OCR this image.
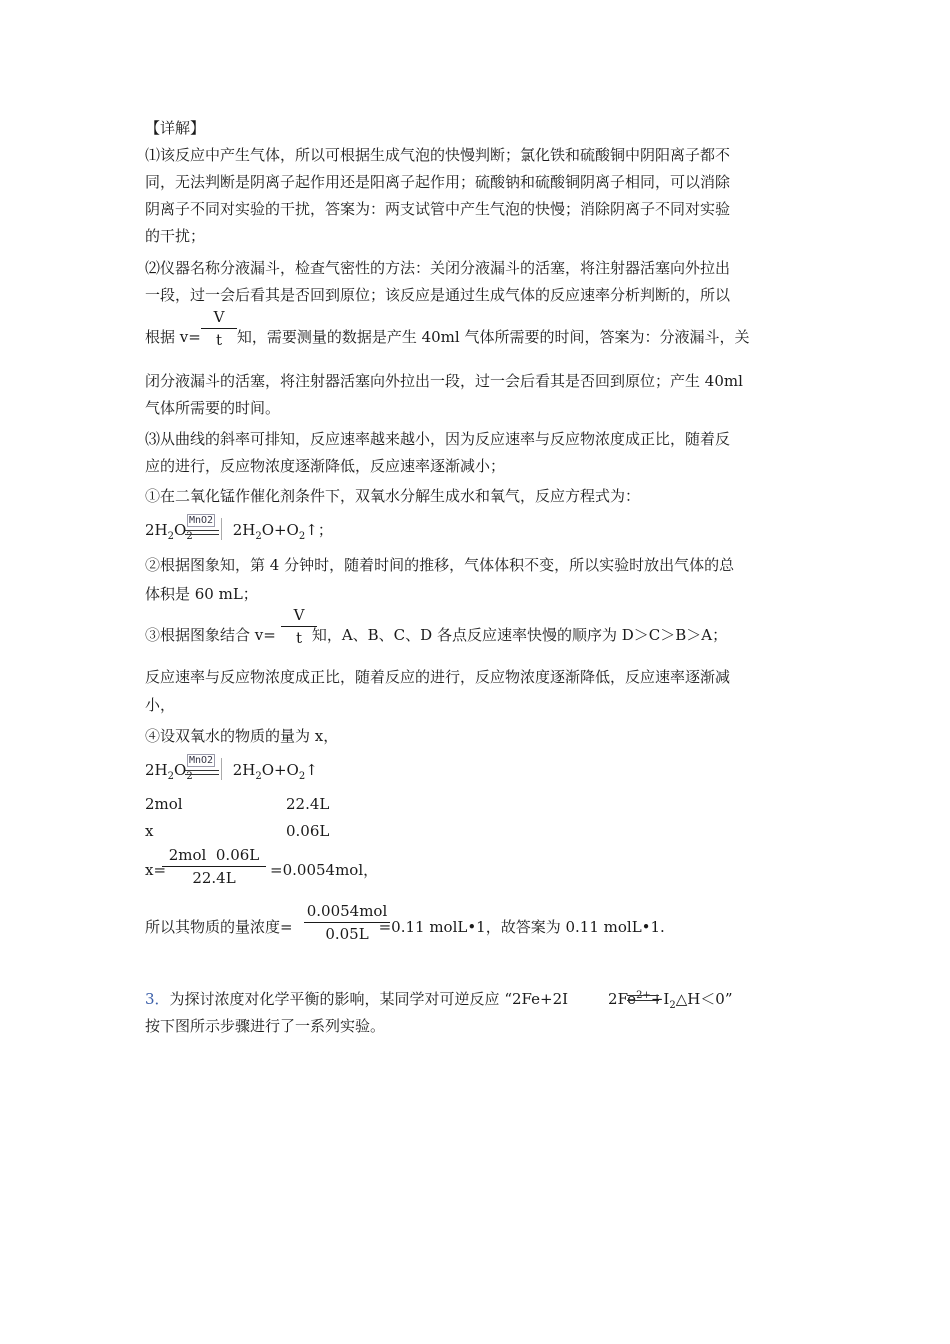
【详解】
⑴该反应中产生气体，所以可根据生成气泡的快慢判断；氯化铁和硫酸铜中阴阳离子都不
同，无法判断是阴离子起作用还是阳离子起作用；硫酸钠和硫酸铜阴离子相同，可以消除
阴离子不同对实验的干扰，答案为：两支试管中产生气泡的快慢；消除阴离子不同对实验
的干扰；
⑵仪器名称分液漏斗，检查气密性的方法：关闭分液漏斗的活塞，将注射器活塞向外拉出
一段，过一会后看其是否回到原位；该反应是通过生成气体的反应速率分析判断的，所以
根据 v= 知，需要测量的数据是产生 40ml 气体所需要的时间，答案为：分液漏斗，关
V
t
闭分液漏斗的活塞，将注射器活塞向外拉出一段，过一会后看其是否回到原位；产生 40ml
气体所需要的时间。
⑶从曲线的斜率可排知，反应速率越来越小，因为反应速率与反应物浓度成正比，随着反
应的进行，反应物浓度逐渐降低，反应速率逐渐减小；
①在二氧化锰作催化剂条件下，双氧水分解生成水和氧气，反应方程式为：
$2H_2O_2$	$2H_2O+O_2↑$；
MnO2
②根据图象知，第 4 分钟时，随着时间的推移，气体体积不变，所以实验时放出气体的总
体积是 60 mL；
③根据图象结合 v= 知，A、B、C、D 各点反应速率快慢的顺序为 D＞C＞B＞A；
V
t
反应速率与反应物浓度成正比，随着反应的进行，反应物浓度逐渐降低，反应速率逐渐减
小，
④设双氧水的物质的量为 x，
$2H_2O_2$	$2H_2O+O_2↑$
MnO2
2mol	22.4L
x	0.06L
x=	=0.0054mol，
2mol  0.06L
22.4L
所以其物质的量浓度=	=0.11 molL•1，故答案为 0.11 molL•1.
0.0054mol
0.05L
3．为探讨浓度对化学平衡的影响，某同学对可逆反应 “2Fe+2I	$2Fe^{2+}+I_2\triangle H<0$”
按下图所示步骤进行了一系列实验。
